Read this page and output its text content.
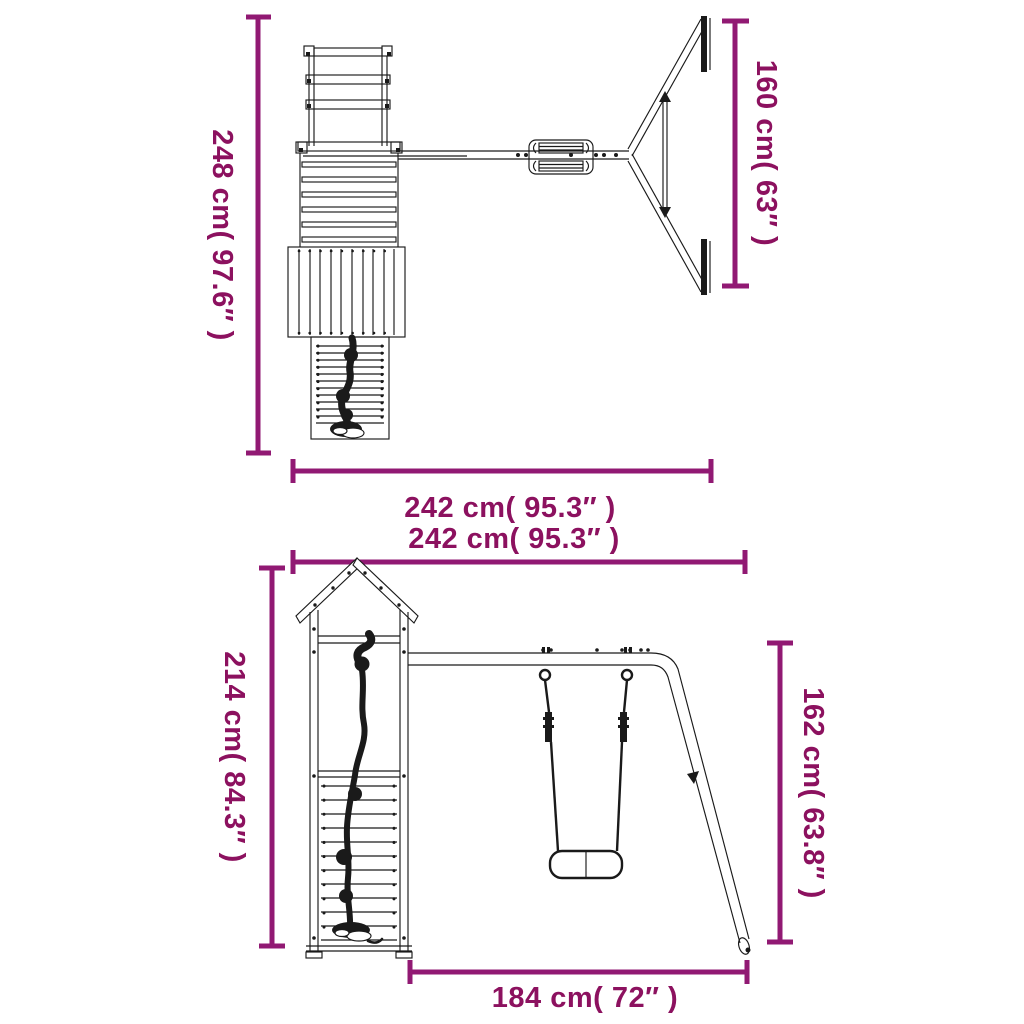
248 cm( 97.6″ )	160 cm( 63″ )
242 cm( 95.3″ )
242 cm( 95.3″ )
214 cm( 84.3″ )	162 cm( 63.8″ )
184 cm( 72″ )
